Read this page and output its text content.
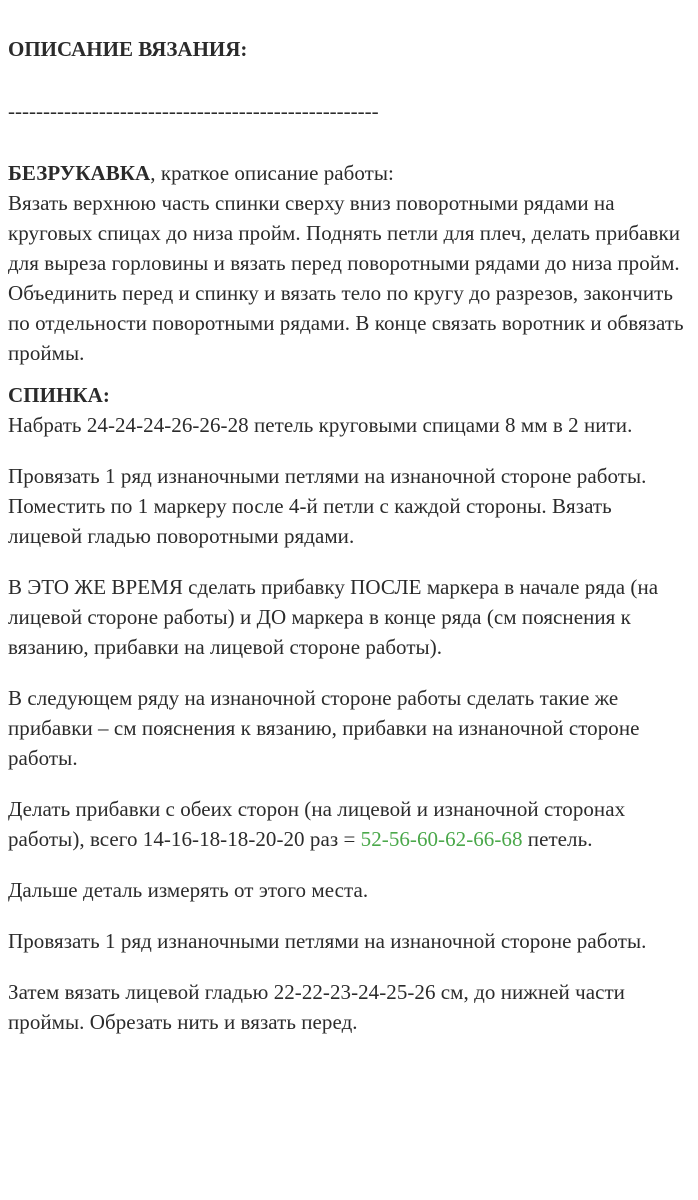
ОПИСАНИЕ ВЯЗАНИЯ:

-----------------------------------------------------

БЕЗРУКАВКА, краткое описание работы:
Вязать верхнюю часть спинки сверху вниз поворотными рядами на круговых спицах до низа пройм. Поднять петли для плеч, делать прибавки для выреза горловины и вязать перед поворотными рядами до низа пройм. Объединить перед и спинку и вязать тело по кругу до разрезов, закончить по отдельности поворотными рядами. В конце связать воротник и обвязать проймы.

СПИНКА:

Набрать 24-24-24-26-26-28 петель круговыми спицами 8 мм в 2 нити.

Провязать 1 ряд изнаночными петлями на изнаночной стороне работы. Поместить по 1 маркеру после 4-й петли с каждой стороны. Вязать лицевой гладью поворотными рядами.

В ЭТО ЖЕ ВРЕМЯ сделать прибавку ПОСЛЕ маркера в начале ряда (на лицевой стороне работы) и ДО маркера в конце ряда (см пояснения к вязанию, прибавки на лицевой стороне работы).

В следующем ряду на изнаночной стороне работы сделать такие же прибавки – см пояснения к вязанию, прибавки на изнаночной стороне работы.

Делать прибавки с обеих сторон (на лицевой и изнаночной сторонах работы), всего 14-16-18-18-20-20 раз = 52-56-60-62-66-68 петель.

Дальше деталь измерять от этого места.

Провязать 1 ряд изнаночными петлями на изнаночной стороне работы.

Затем вязать лицевой гладью 22-22-23-24-25-26 см, до нижней части проймы. Обрезать нить и вязать перед.
